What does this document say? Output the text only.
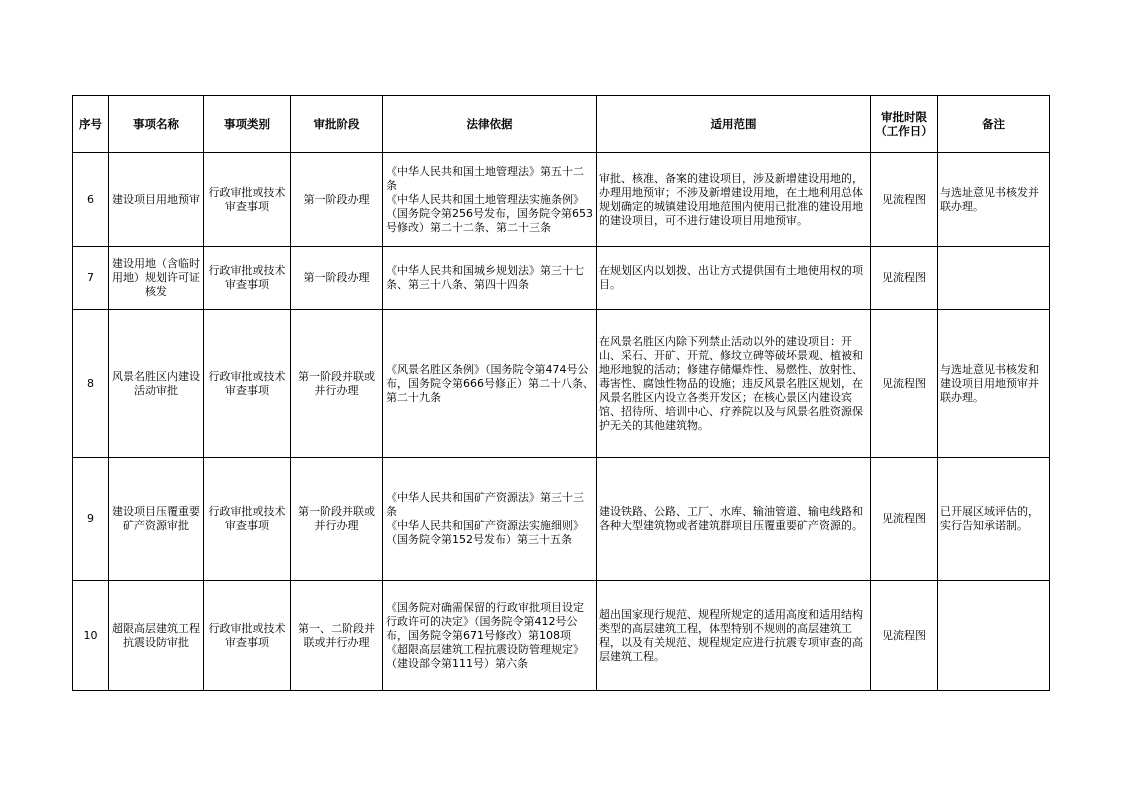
序号	事项名称	事项类别	审批阶段	法律依据	适用范围	审批时限（工作日）	备注
6	建设项目用地预审	行政审批或技术审查事项	第一阶段办理	《中华人民共和国土地管理法》第五十二条
《中华人民共和国土地管理法实施条例》（国务院令第256号发布，国务院令第653号修改）第二十二条、第二十三条	审批、核准、备案的建设项目，涉及新增建设用地的，办理用地预审；不涉及新增建设用地，在土地利用总体规划确定的城镇建设用地范围内使用已批准的建设用地的建设项目，可不进行建设项目用地预审。	见流程图	与选址意见书核发并联办理。
7	建设用地（含临时用地）规划许可证核发	行政审批或技术审查事项	第一阶段办理	《中华人民共和国城乡规划法》第三十七条、第三十八条、第四十四条	在规划区内以划拨、出让方式提供国有土地使用权的项目。	见流程图	
8	风景名胜区内建设活动审批	行政审批或技术审查事项	第一阶段并联或并行办理	《风景名胜区条例》（国务院令第474号公布，国务院令第666号修正）第二十八条、第二十九条	在风景名胜区内除下列禁止活动以外的建设项目：开山、采石、开矿、开荒、修坟立碑等破坏景观、植被和地形地貌的活动；修建存储爆炸性、易燃性、放射性、毒害性、腐蚀性物品的设施；违反风景名胜区规划，在风景名胜区内设立各类开发区；在核心景区内建设宾馆、招待所、培训中心、疗养院以及与风景名胜资源保护无关的其他建筑物。	见流程图	与选址意见书核发和建设项目用地预审并联办理。
9	建设项目压覆重要矿产资源审批	行政审批或技术审查事项	第一阶段并联或并行办理	《中华人民共和国矿产资源法》第三十三条
《中华人民共和国矿产资源法实施细则》（国务院令第152号发布）第三十五条	建设铁路、公路、工厂、水库、输油管道、输电线路和各种大型建筑物或者建筑群项目压覆重要矿产资源的。	见流程图	已开展区域评估的，实行告知承诺制。
10	超限高层建筑工程抗震设防审批	行政审批或技术审查事项	第一、二阶段并联或并行办理	《国务院对确需保留的行政审批项目设定行政许可的决定》（国务院令第412号公布，国务院令第671号修改）第108项
《超限高层建筑工程抗震设防管理规定》（建设部令第111号）第六条	超出国家现行规范、规程所规定的适用高度和适用结构类型的高层建筑工程，体型特别不规则的高层建筑工程，以及有关规范、规程规定应进行抗震专项审查的高层建筑工程。	见流程图	
